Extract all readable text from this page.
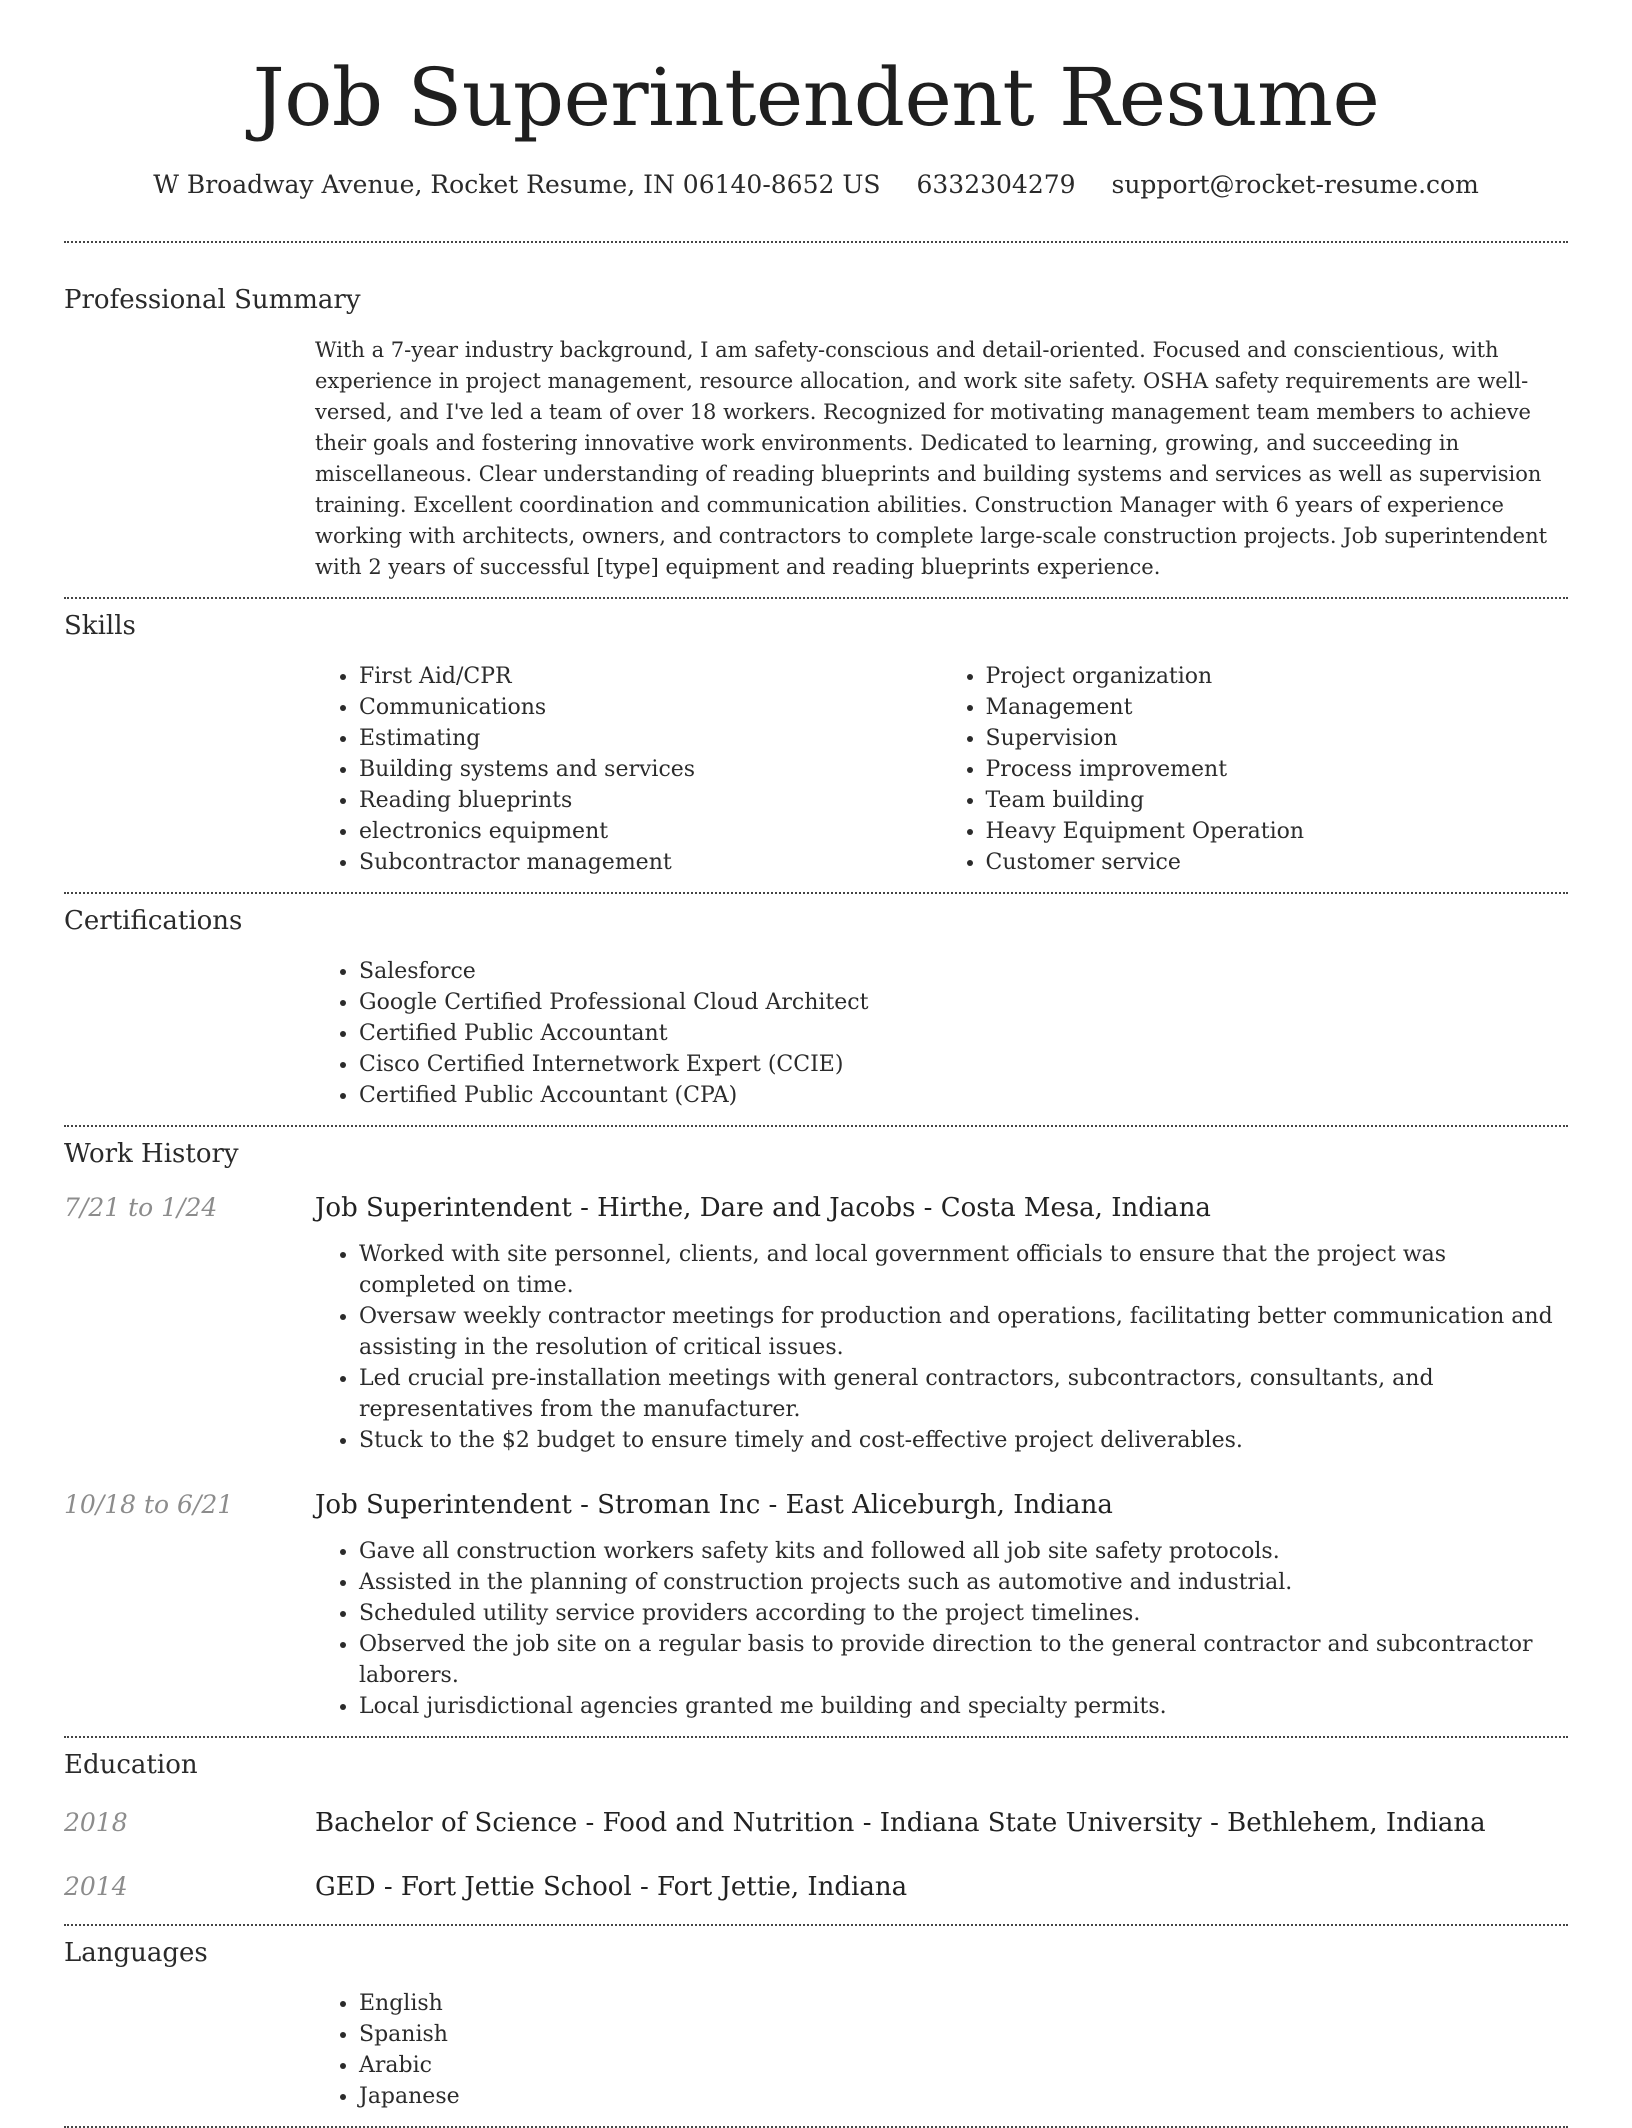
Job Superintendent Resume
W Broadway Avenue, Rocket Resume, IN 06140-8652 US 6332304279 support@rocket-resume.com
Professional Summary
With a 7-year industry background, I am safety-conscious and detail-oriented. Focused and conscientious, with experience in project management, resource allocation, and work site safety. OSHA safety requirements are well-versed, and I've led a team of over 18 workers. Recognized for motivating management team members to achieve their goals and fostering innovative work environments. Dedicated to learning, growing, and succeeding in miscellaneous. Clear understanding of reading blueprints and building systems and services as well as supervision training. Excellent coordination and communication abilities. Construction Manager with 6 years of experience working with architects, owners, and contractors to complete large-scale construction projects. Job superintendent with 2 years of successful [type] equipment and reading blueprints experience.
Skills
• First Aid/CPR
• Communications
• Estimating
• Building systems and services
• Reading blueprints
• electronics equipment
• Subcontractor management
• Project organization
• Management
• Supervision
• Process improvement
• Team building
• Heavy Equipment Operation
• Customer service
Certifications
• Salesforce
• Google Certified Professional Cloud Architect
• Certified Public Accountant
• Cisco Certified Internetwork Expert (CCIE)
• Certified Public Accountant (CPA)
Work History
7/21 to 1/24	Job Superintendent - Hirthe, Dare and Jacobs - Costa Mesa, Indiana
• Worked with site personnel, clients, and local government officials to ensure that the project was completed on time.
• Oversaw weekly contractor meetings for production and operations, facilitating better communication and assisting in the resolution of critical issues.
• Led crucial pre-installation meetings with general contractors, subcontractors, consultants, and representatives from the manufacturer.
• Stuck to the $2 budget to ensure timely and cost-effective project deliverables.
10/18 to 6/21	Job Superintendent - Stroman Inc - East Aliceburgh, Indiana
• Gave all construction workers safety kits and followed all job site safety protocols.
• Assisted in the planning of construction projects such as automotive and industrial.
• Scheduled utility service providers according to the project timelines.
• Observed the job site on a regular basis to provide direction to the general contractor and subcontractor laborers.
• Local jurisdictional agencies granted me building and specialty permits.
Education
2018	Bachelor of Science - Food and Nutrition - Indiana State University - Bethlehem, Indiana
2014	GED - Fort Jettie School - Fort Jettie, Indiana
Languages
• English
• Spanish
• Arabic
• Japanese
